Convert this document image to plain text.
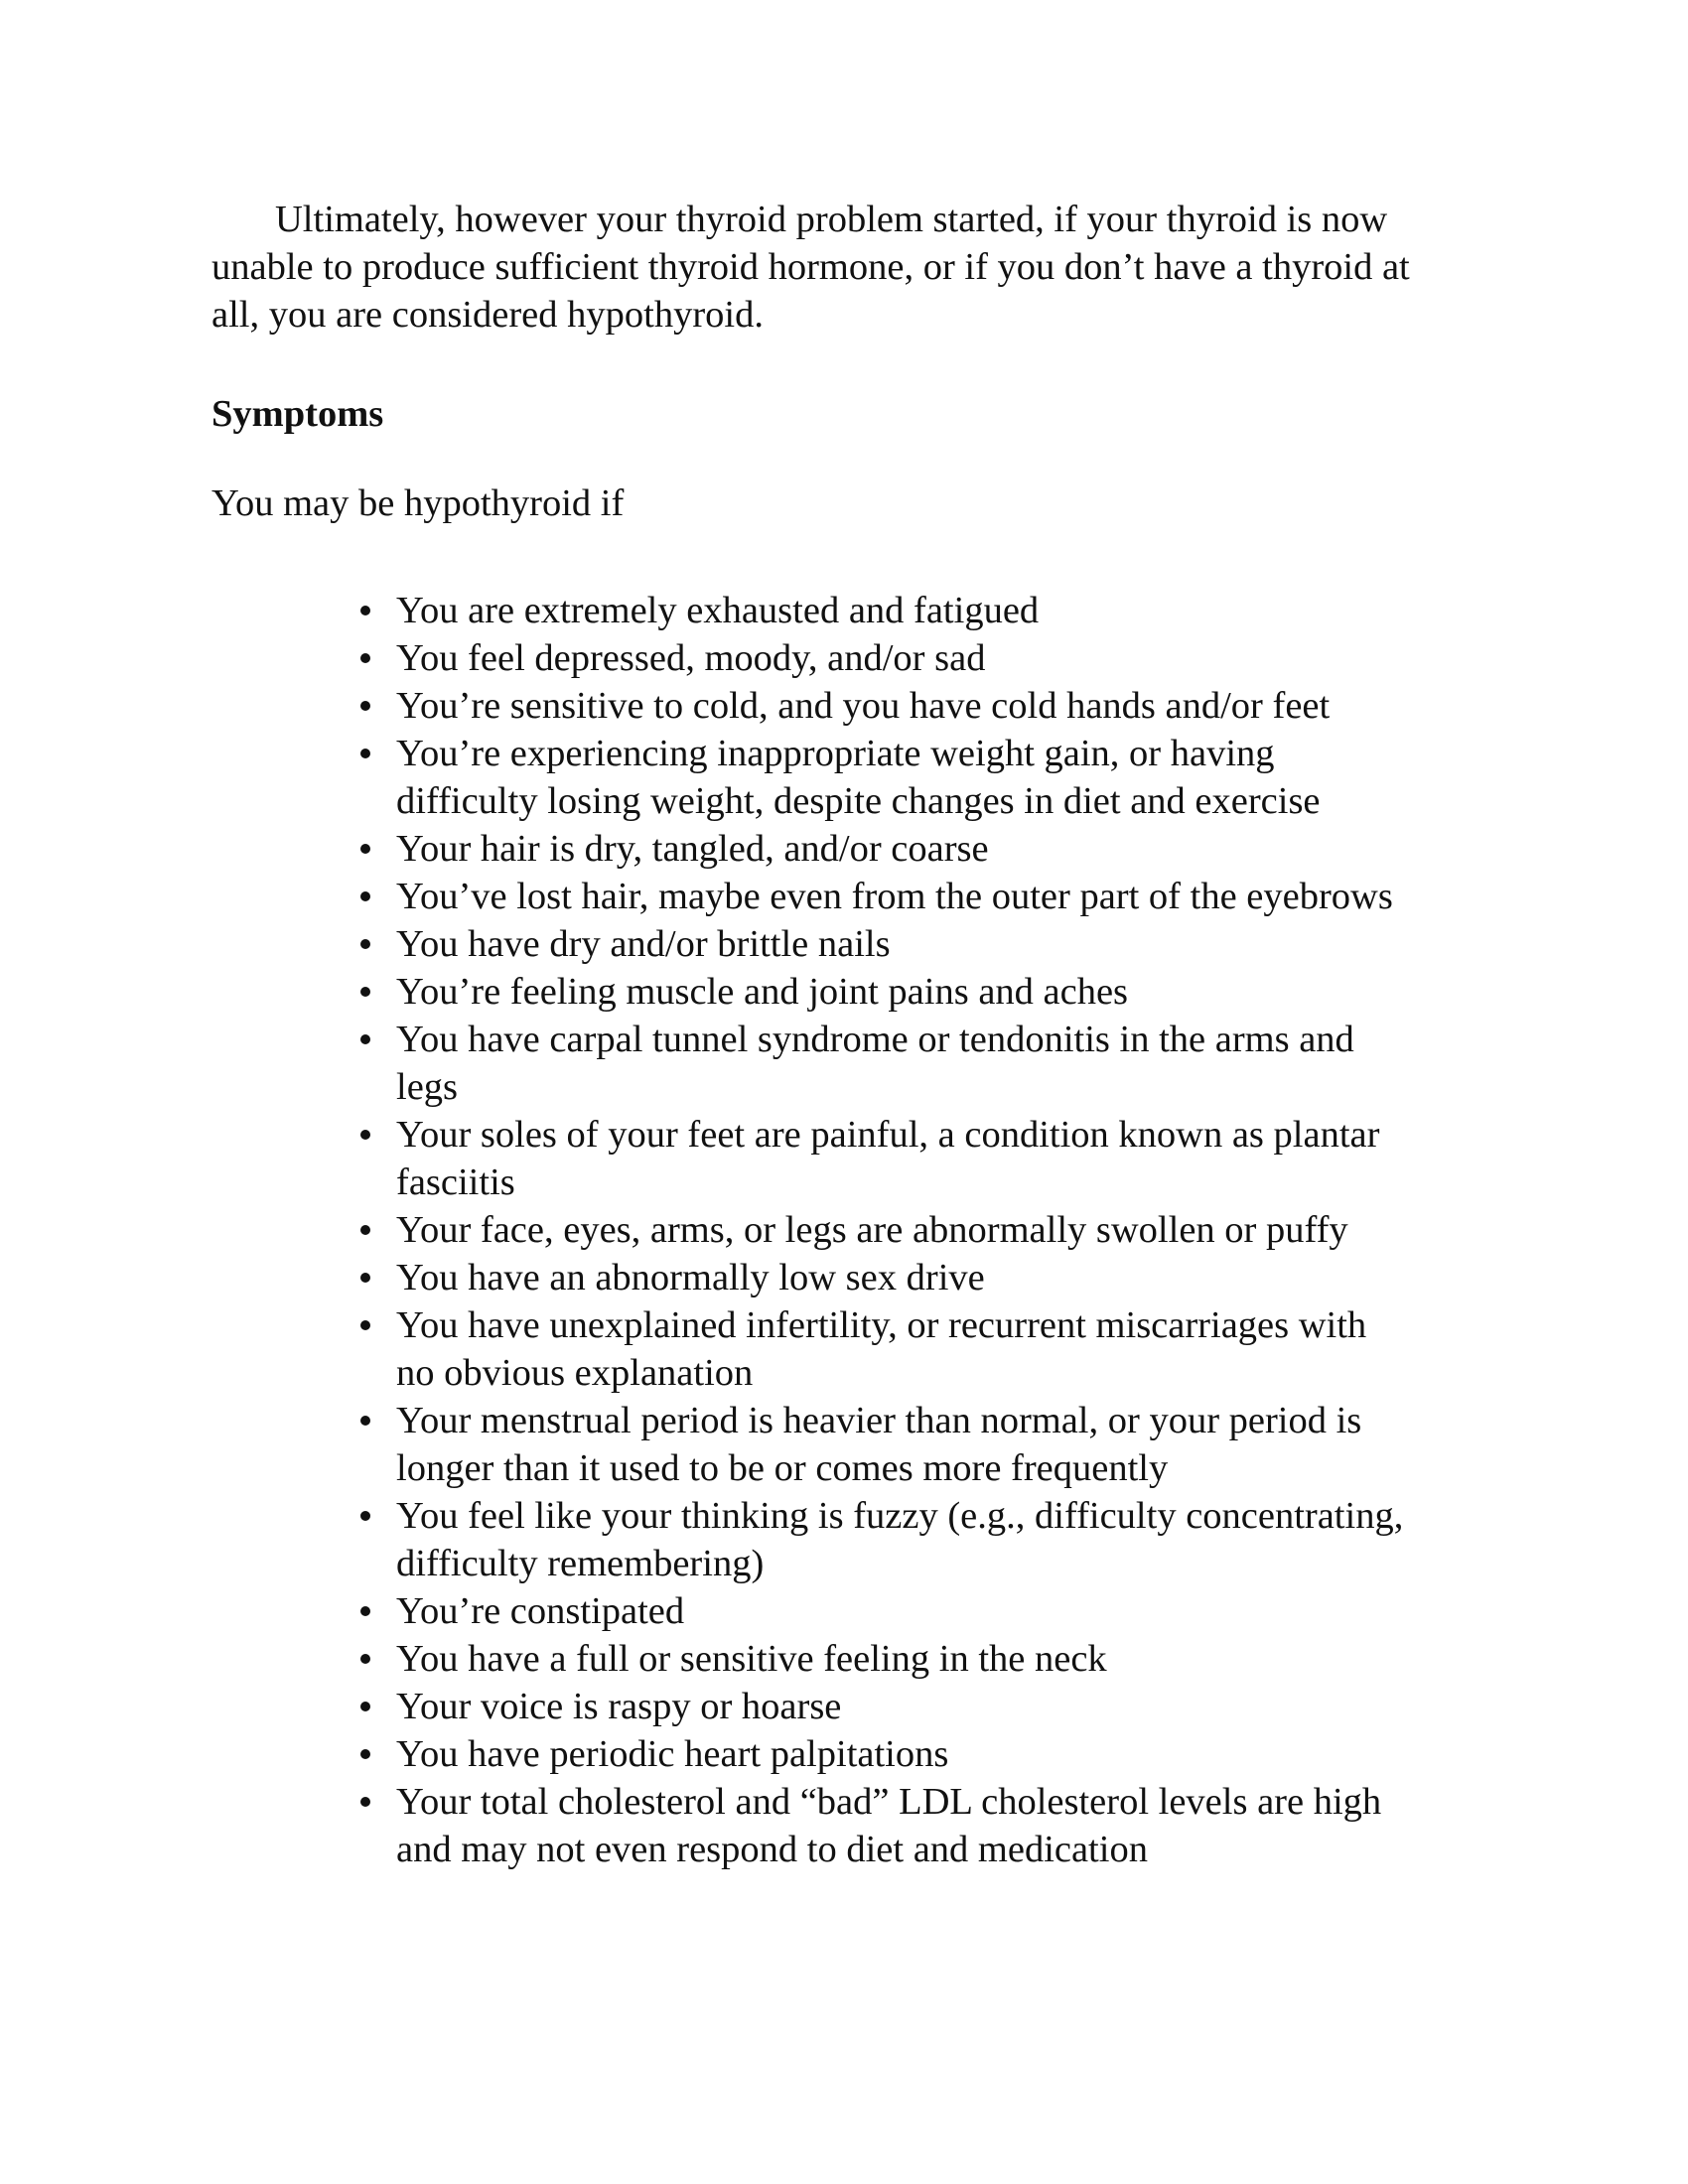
Ultimately, however your thyroid problem started, if your thyroid is now unable to produce sufficient thyroid hormone, or if you don’t have a thyroid at all, you are considered hypothyroid.

Symptoms

You may be hypothyroid if

You are extremely exhausted and fatigued
You feel depressed, moody, and/or sad
You’re sensitive to cold, and you have cold hands and/or feet
You’re experiencing inappropriate weight gain, or having difficulty losing weight, despite changes in diet and exercise
Your hair is dry, tangled, and/or coarse
You’ve lost hair, maybe even from the outer part of the eyebrows
You have dry and/or brittle nails
You’re feeling muscle and joint pains and aches
You have carpal tunnel syndrome or tendonitis in the arms and legs
Your soles of your feet are painful, a condition known as plantar fasciitis
Your face, eyes, arms, or legs are abnormally swollen or puffy
You have an abnormally low sex drive
You have unexplained infertility, or recurrent miscarriages with no obvious explanation
Your menstrual period is heavier than normal, or your period is longer than it used to be or comes more frequently
You feel like your thinking is fuzzy (e.g., difficulty concentrating, difficulty remembering)
You’re constipated
You have a full or sensitive feeling in the neck
Your voice is raspy or hoarse
You have periodic heart palpitations
Your total cholesterol and “bad” LDL cholesterol levels are high and may not even respond to diet and medication
